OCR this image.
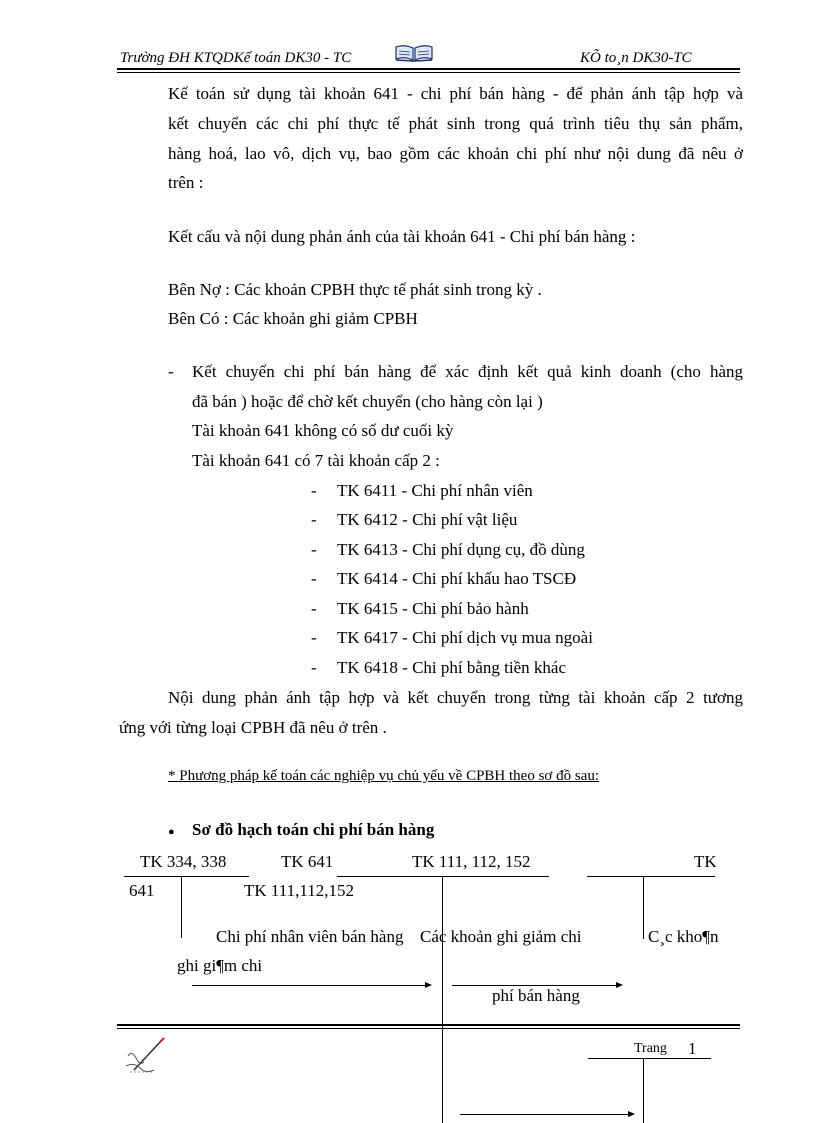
Trường ĐH KTQDKế toán DK30 - TC	KÕ to¸n DK30-TC
Kế toán sử dụng tài khoản 641 - chi phí bán hàng - để phản ánh tập hợp và
kết chuyển các chi phí thực tế phát sinh trong quá trình tiêu thụ sản phẩm,
hàng hoá, lao vô, dịch vụ, bao gồm các khoản chi phí như nội dung đã nêu ở
trên :
Kết cấu và nội dung phản ánh của tài khoản 641 - Chi phí bán hàng :
Bên Nợ : Các khoản CPBH thực tế phát sinh trong kỳ .
Bên Có : Các khoản ghi giảm CPBH
- Kết chuyển chi phí bán hàng để xác định kết quả kinh doanh (cho hàng
đã bán ) hoặc để chờ kết chuyển (cho hàng còn lại )
Tài khoản 641 không có số dư cuối kỳ
Tài khoản 641 có 7 tài khoản cấp 2 :
- TK 6411 - Chi phí nhân viên
- TK 6412 - Chi phí vật liệu
- TK 6413 - Chi phí dụng cụ, đồ dùng
- TK 6414 - Chi phí khấu hao TSCĐ
- TK 6415 - Chi phí bảo hành
- TK 6417 - Chi phí dịch vụ mua ngoài
- TK 6418 - Chi phí bằng tiền khác
Nội dung phản ánh tập hợp và kết chuyển trong từng tài khoản cấp 2 tương
ứng với từng loại CPBH đã nêu ở trên .
* Phương pháp kế toán các nghiệp vụ chủ yếu về CPBH theo sơ đồ sau:
● Sơ đồ hạch toán chi phí bán hàng
TK 334, 338	TK 641	TK 111, 112, 152	TK
641	TK 111,112,152
Chi phí nhân viên bán hàng Các khoản ghi giảm chi	C¸c kho¶n
ghi gi¶m chi
phí bán hàng
Trang 1
